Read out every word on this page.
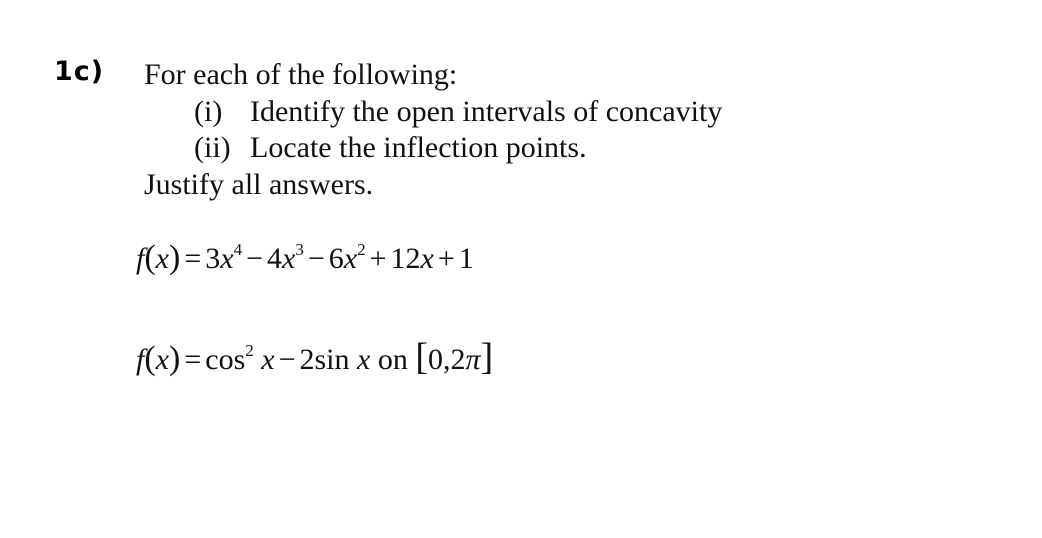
1c) For each of the following:
(i) Identify the open intervals of concavity
(ii) Locate the inflection points.
Justify all answers.
$f(x) = 3x^4 - 4x^3 - 6x^2 + 12x + 1$
$f(x) = \cos^2 x - 2\sin$ x on [0,2π]
